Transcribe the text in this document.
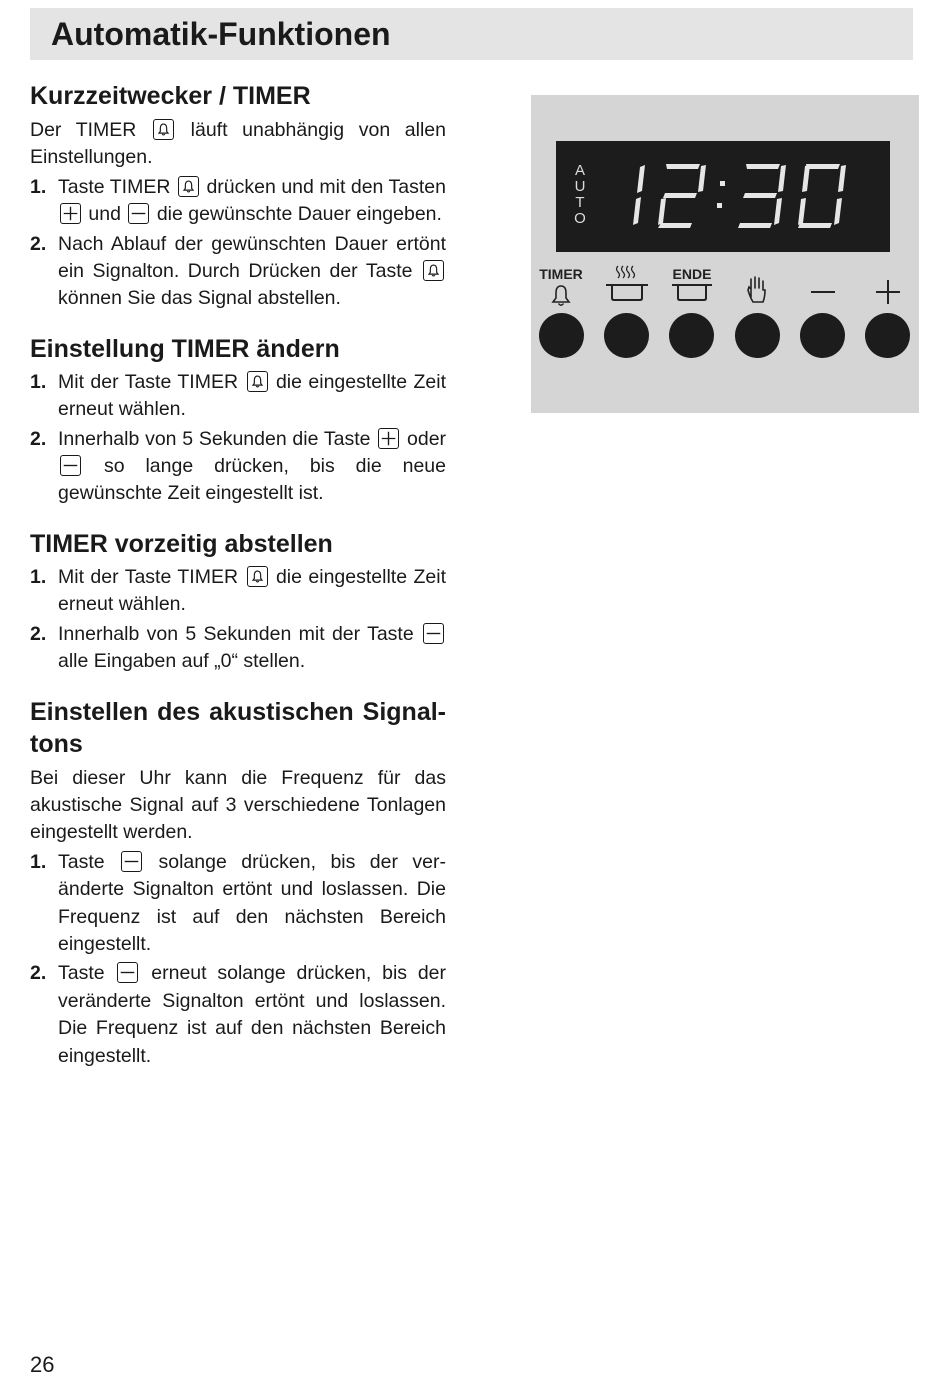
Automatik-Funktionen
Kurzzeitwecker / TIMER

Der TIMER	läuft unabhängig von allen Einstellungen.

1. Taste TIMER drücken und mit den Tasten
und die gewünschte Dauer eingeben.
2. Nach Ablauf der gewünschten Dauer ertönt ein Signalton. Durch Drücken der Taste
können Sie das Signal abstellen.
Einstellung TIMER ändern
1. Mit der Taste TIMER die eingestellte Zeit erneut wählen.
2. Innerhalb von 5 Sekunden die Taste oder
so lange drücken, bis die neue gewünschte Zeit eingestellt ist.
TIMER vorzeitig abstellen
1. Mit der Taste TIMER die eingestellte Zeit erneut wählen.
2. Innerhalb von 5 Sekunden mit der Taste
alle Eingaben auf „0“ stellen.
Einstellen des akustischen Signaltons

Bei dieser Uhr kann die Frequenz für das akustische Signal auf 3 verschiedene Tonlagen eingestellt werden.

1. Taste	solange drücken, bis der veränderte Signalton ertönt und loslassen. Die Frequenz ist auf den nächsten Bereich eingestellt.
2. Taste erneut solange drücken, bis der veränderte Signalton ertönt und loslassen. Die Frequenz ist auf den nächsten Bereich eingestellt.
A
U
T
O
TIMER	ENDE
26
